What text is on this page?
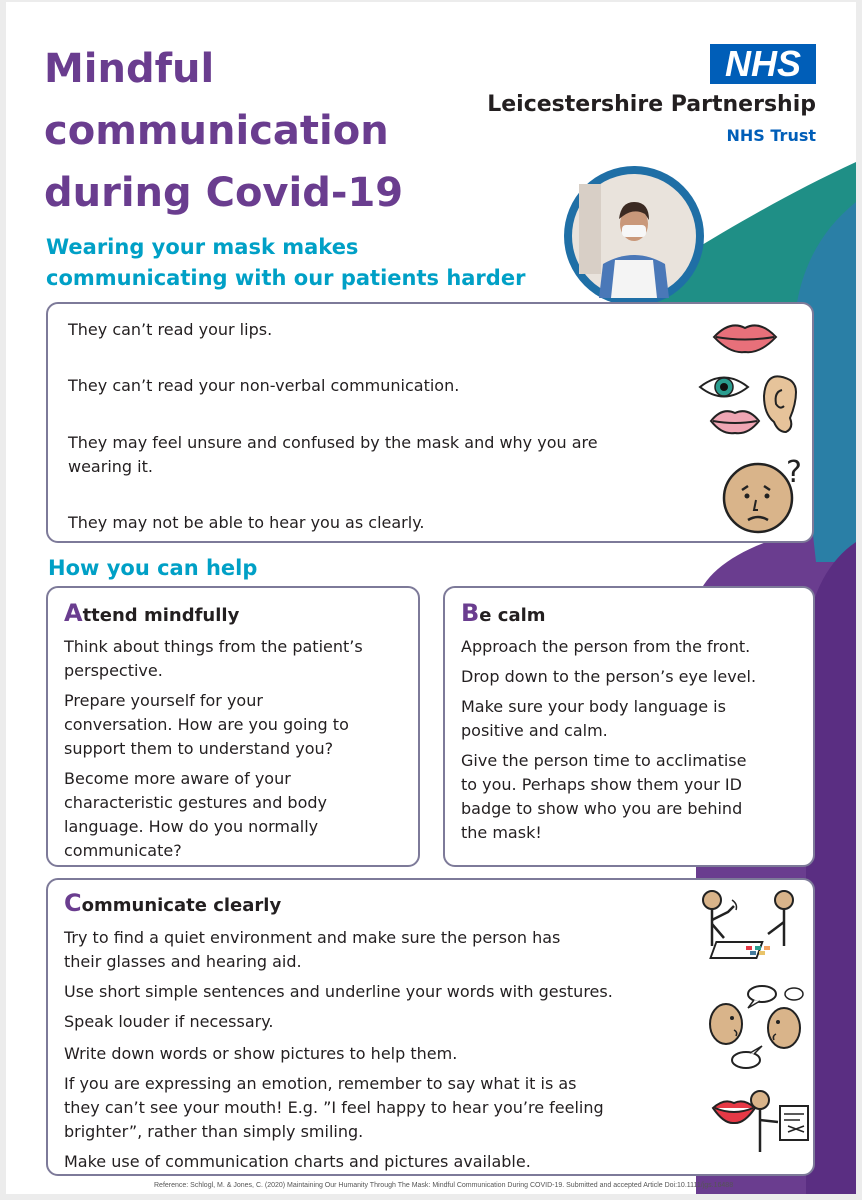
Mindful
communication
during Covid-19
NHS
Leicestershire Partnership
NHS Trust
Wearing your mask makes
communicating with our patients harder
They can’t read your lips.
They can’t read your non-verbal communication.
They may feel unsure and confused by the mask and why you are
wearing it.
They may not be able to hear you as clearly.
?
How you can help
Attend mindfully
Think about things from the patient’s
perspective.
Prepare yourself for your
conversation. How are you going to
support them to understand you?
Become more aware of your
characteristic gestures and body
language. How do you normally
communicate?
Be calm
Approach the person from the front.
Drop down to the person’s eye level.
Make sure your body language is
positive and calm.
Give the person time to acclimatise
to you. Perhaps show them your ID
badge to show who you are behind
the mask!
Communicate clearly
Try to find a quiet environment and make sure the person has
their glasses and hearing aid.
Use short simple sentences and underline your words with gestures.
Speak louder if necessary.
Write down words or show pictures to help them.
If you are expressing an emotion, remember to say what it is as
they can’t see your mouth! E.g. ”I feel happy to hear you’re feeling
brighter”, rather than simply smiling.
Make use of communication charts and pictures available.
Reference: Schlogl, M. & Jones, C. (2020) Maintaining Our Humanity Through The Mask: Mindful Communication During COVID-19. Submitted and accepted Article Doi:10.1111/jgs.16488
